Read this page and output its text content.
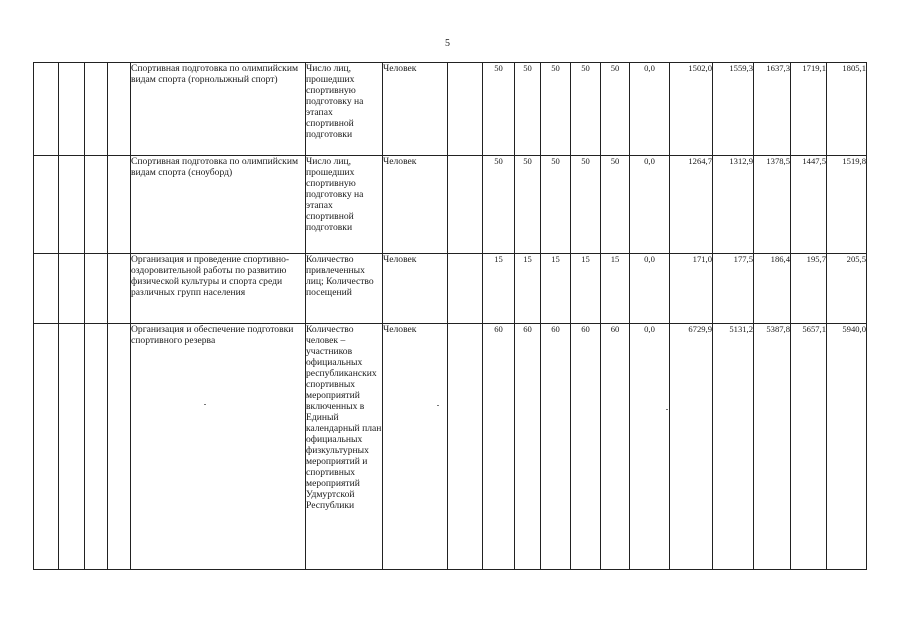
5
				Спортивная подготовка по олимпийским видам спорта (горнолыжный спорт)	Число лиц, прошедших спортивную подготовку на этапах спортивной подготовки	Человек		50	50	50	50	50	0,0	1502,0	1559,3	1637,3	1719,1	1805,1
				Спортивная подготовка по олимпийским видам спорта (сноуборд)	Число лиц, прошедших спортивную подготовку на этапах спортивной подготовки	Человек		50	50	50	50	50	0,0	1264,7	1312,9	1378,5	1447,5	1519,8
				Организация и проведение спортивно-оздоровительной работы по развитию физической культуры и спорта среди различных групп населения	Количество привлеченных лиц; Количество посещений	Человек		15	15	15	15	15	0,0	171,0	177,5	186,4	195,7	205,5
				Организация и обеспечение подготовки спортивного резерва	Количество человек – участников официальных республиканских спортивных мероприятий включенных в Единый календарный план официальных физкультурных мероприятий и спортивных мероприятий Удмуртской Республики	Человек		60	60	60	60	60	0,0	6729,9	5131,2	5387,8	5657,1	5940,0
